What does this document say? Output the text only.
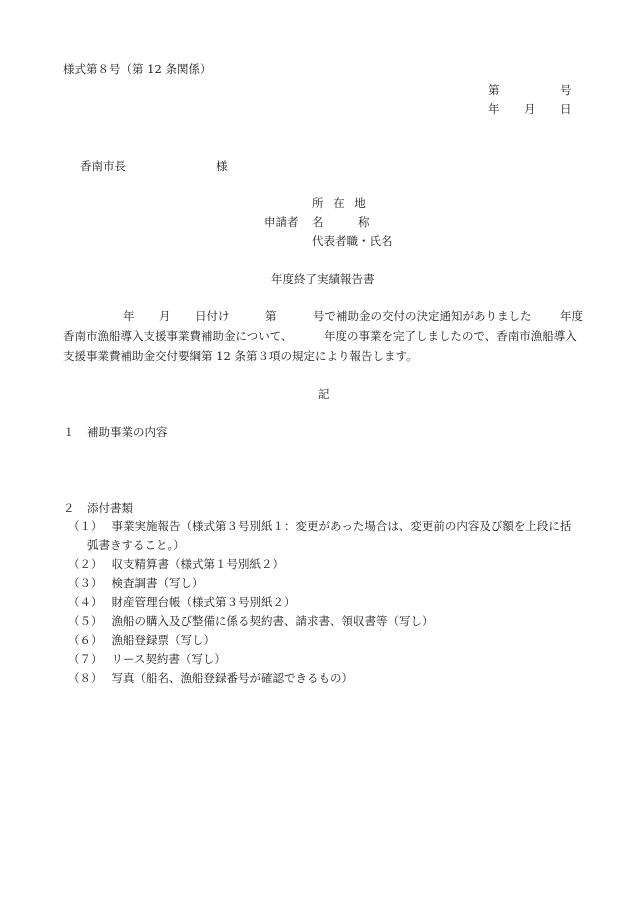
様式第８号（第 12 条関係）
第	号
年 月 日
香南市長	様
所 在 地
申請者 名	称
代表者職・氏名
年度終了実績報告書
年 月 日付け	第	号で補助金の交付の決定通知がありました 年度
香南市漁船導入支援事業費補助金について、	年度の事業を完了しましたので、香南市漁船導入
支援事業費補助金交付要綱第 12 条第３項の規定により報告します。
記
１ 補助事業の内容
２ 添付書類
（１） 事業実施報告（様式第３号別紙１：変更があった場合は、変更前の内容及び額を上段に括
弧書きすること。）
（２） 収支精算書（様式第１号別紙２）
（３） 検査調書（写し）
（４） 財産管理台帳（様式第３号別紙２）
（５） 漁船の購入及び整備に係る契約書、請求書、領収書等（写し）
（６） 漁船登録票（写し）
（７） リース契約書（写し）
（８） 写真（船名、漁船登録番号が確認できるもの）
